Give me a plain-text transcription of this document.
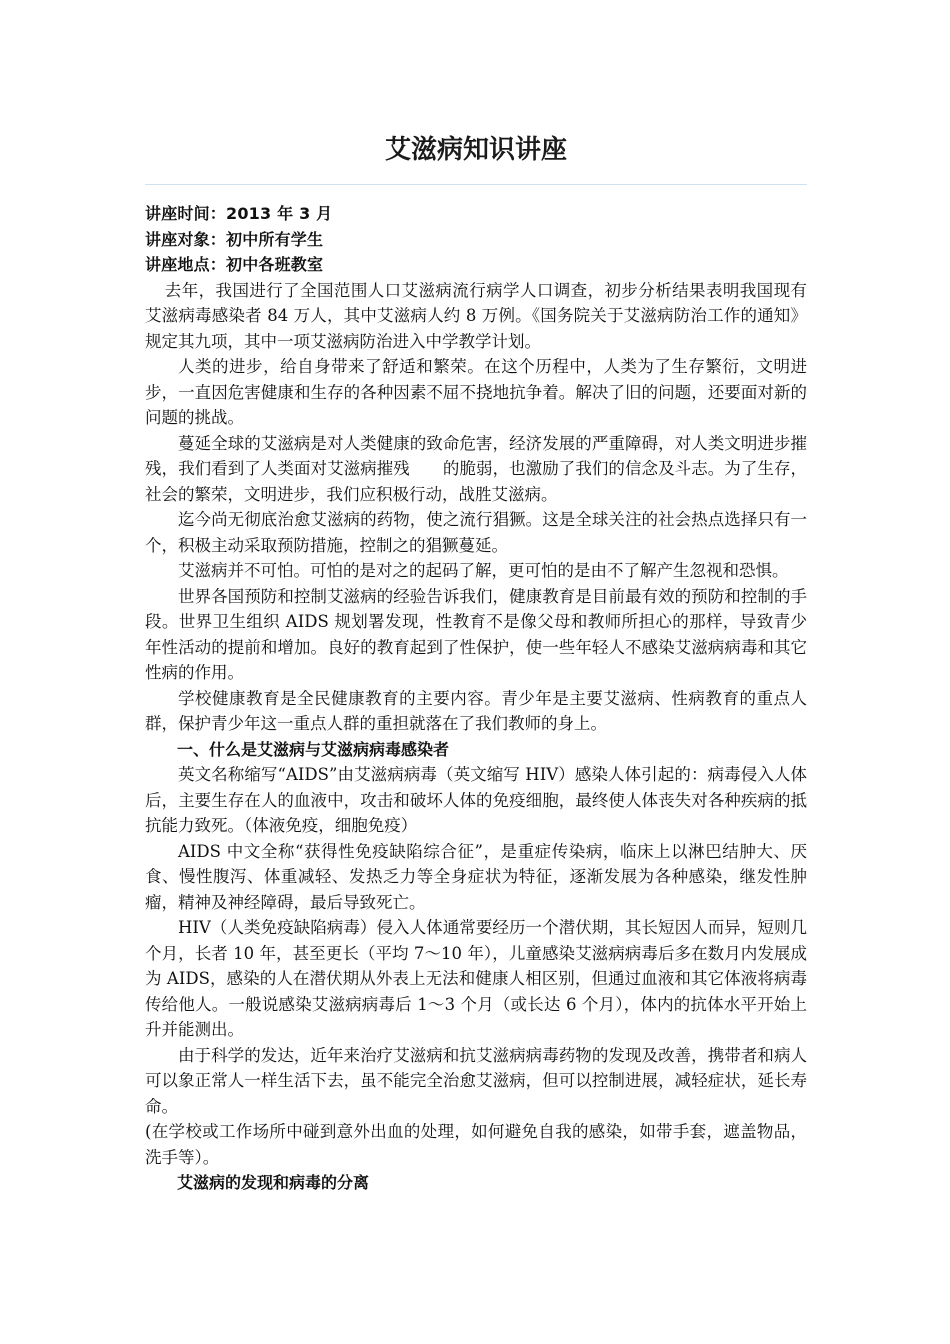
艾滋病知识讲座

讲座时间：2013 年 3 月

讲座对象：初中所有学生

讲座地点：初中各班教室

去年，我国进行了全国范围人口艾滋病流行病学人口调查，初步分析结果表明我国现有艾滋病毒感染者 84 万人，其中艾滋病人约 8 万例。《国务院关于艾滋病防治工作的通知》规定其九项，其中一项艾滋病防治进入中学教学计划。

人类的进步，给自身带来了舒适和繁荣。在这个历程中，人类为了生存繁衍，文明进步，一直因危害健康和生存的各种因素不屈不挠地抗争着。解决了旧的问题，还要面对新的问题的挑战。

蔓延全球的艾滋病是对人类健康的致命危害，经济发展的严重障碍，对人类文明进步摧残，我们看到了人类面对艾滋病摧残　　的脆弱，也激励了我们的信念及斗志。为了生存，社会的繁荣，文明进步，我们应积极行动，战胜艾滋病。

迄今尚无彻底治愈艾滋病的药物，使之流行猖獗。这是全球关注的社会热点选择只有一个，积极主动采取预防措施，控制之的猖獗蔓延。

艾滋病并不可怕。可怕的是对之的起码了解，更可怕的是由不了解产生忽视和恐惧。

世界各国预防和控制艾滋病的经验告诉我们，健康教育是目前最有效的预防和控制的手段。世界卫生组织 AIDS 规划署发现，性教育不是像父母和教师所担心的那样，导致青少年性活动的提前和增加。良好的教育起到了性保护，使一些年轻人不感染艾滋病病毒和其它性病的作用。

学校健康教育是全民健康教育的主要内容。青少年是主要艾滋病、性病教育的重点人群，保护青少年这一重点人群的重担就落在了我们教师的身上。

一、什么是艾滋病与艾滋病病毒感染者

英文名称缩写“AIDS”由艾滋病病毒（英文缩写 HIV）感染人体引起的：病毒侵入人体后，主要生存在人的血液中，攻击和破坏人体的免疫细胞，最终使人体丧失对各种疾病的抵抗能力致死。（体液免疫，细胞免疫）

AIDS 中文全称“获得性免疫缺陷综合征”，是重症传染病，临床上以淋巴结肿大、厌食、慢性腹泻、体重减轻、发热乏力等全身症状为特征，逐渐发展为各种感染，继发性肿瘤，精神及神经障碍，最后导致死亡。

HIV（人类免疫缺陷病毒）侵入人体通常要经历一个潜伏期，其长短因人而异，短则几个月，长者 10 年，甚至更长（平均 7～10 年），儿童感染艾滋病病毒后多在数月内发展成为 AIDS，感染的人在潜伏期从外表上无法和健康人相区别，但通过血液和其它体液将病毒传给他人。一般说感染艾滋病病毒后 1～3 个月（或长达 6 个月），体内的抗体水平开始上升并能测出。

由于科学的发达，近年来治疗艾滋病和抗艾滋病病毒药物的发现及改善，携带者和病人可以象正常人一样生活下去，虽不能完全治愈艾滋病，但可以控制进展，减轻症状，延长寿命。

(在学校或工作场所中碰到意外出血的处理，如何避免自我的感染，如带手套，遮盖物品，洗手等）。

艾滋病的发现和病毒的分离
